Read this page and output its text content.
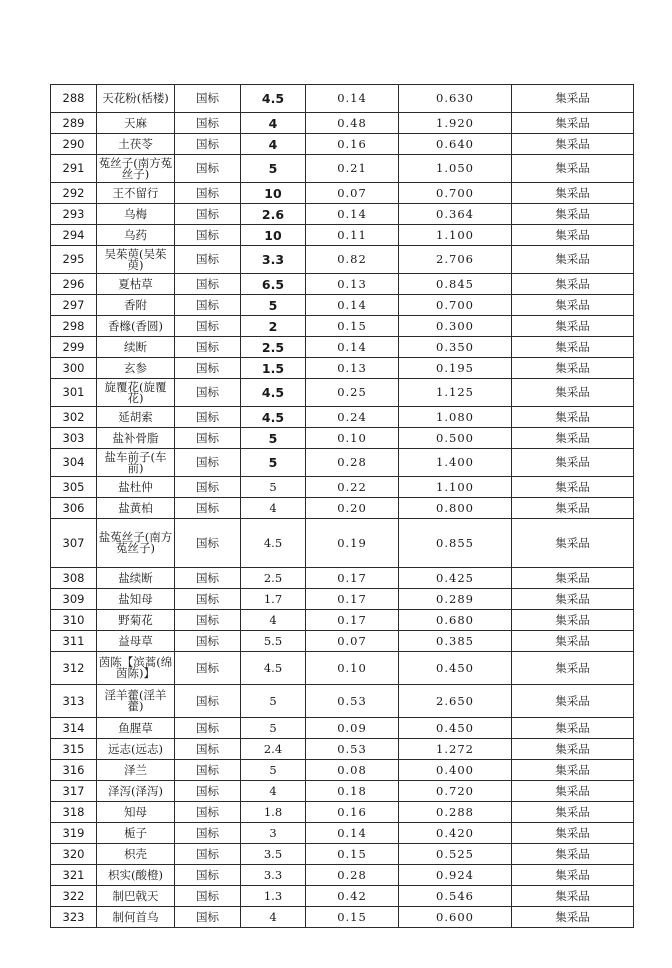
288	天花粉(栝楼)	国标	4.5	0.14	0.630	集采品
289	天麻	国标	4	0.48	1.920	集采品
290	土茯苓	国标	4	0.16	0.640	集采品
291	菟丝子(南方菟丝子)	国标	5	0.21	1.050	集采品
292	王不留行	国标	10	0.07	0.700	集采品
293	乌梅	国标	2.6	0.14	0.364	集采品
294	乌药	国标	10	0.11	1.100	集采品
295	吴茱萸(吴茱萸)	国标	3.3	0.82	2.706	集采品
296	夏枯草	国标	6.5	0.13	0.845	集采品
297	香附	国标	5	0.14	0.700	集采品
298	香橼(香圆)	国标	2	0.15	0.300	集采品
299	续断	国标	2.5	0.14	0.350	集采品
300	玄参	国标	1.5	0.13	0.195	集采品
301	旋覆花(旋覆花)	国标	4.5	0.25	1.125	集采品
302	延胡索	国标	4.5	0.24	1.080	集采品
303	盐补骨脂	国标	5	0.10	0.500	集采品
304	盐车前子(车前)	国标	5	0.28	1.400	集采品
305	盐杜仲	国标	5	0.22	1.100	集采品
306	盐黄柏	国标	4	0.20	0.800	集采品
307	盐菟丝子(南方菟丝子)	国标	4.5	0.19	0.855	集采品
308	盐续断	国标	2.5	0.17	0.425	集采品
309	盐知母	国标	1.7	0.17	0.289	集采品
310	野菊花	国标	4	0.17	0.680	集采品
311	益母草	国标	5.5	0.07	0.385	集采品
312	茵陈【滨蒿(绵茵陈)】	国标	4.5	0.10	0.450	集采品
313	淫羊藿(淫羊藿)	国标	5	0.53	2.650	集采品
314	鱼腥草	国标	5	0.09	0.450	集采品
315	远志(远志)	国标	2.4	0.53	1.272	集采品
316	泽兰	国标	5	0.08	0.400	集采品
317	泽泻(泽泻)	国标	4	0.18	0.720	集采品
318	知母	国标	1.8	0.16	0.288	集采品
319	栀子	国标	3	0.14	0.420	集采品
320	枳壳	国标	3.5	0.15	0.525	集采品
321	枳实(酸橙)	国标	3.3	0.28	0.924	集采品
322	制巴戟天	国标	1.3	0.42	0.546	集采品
323	制何首乌	国标	4	0.15	0.600	集采品
